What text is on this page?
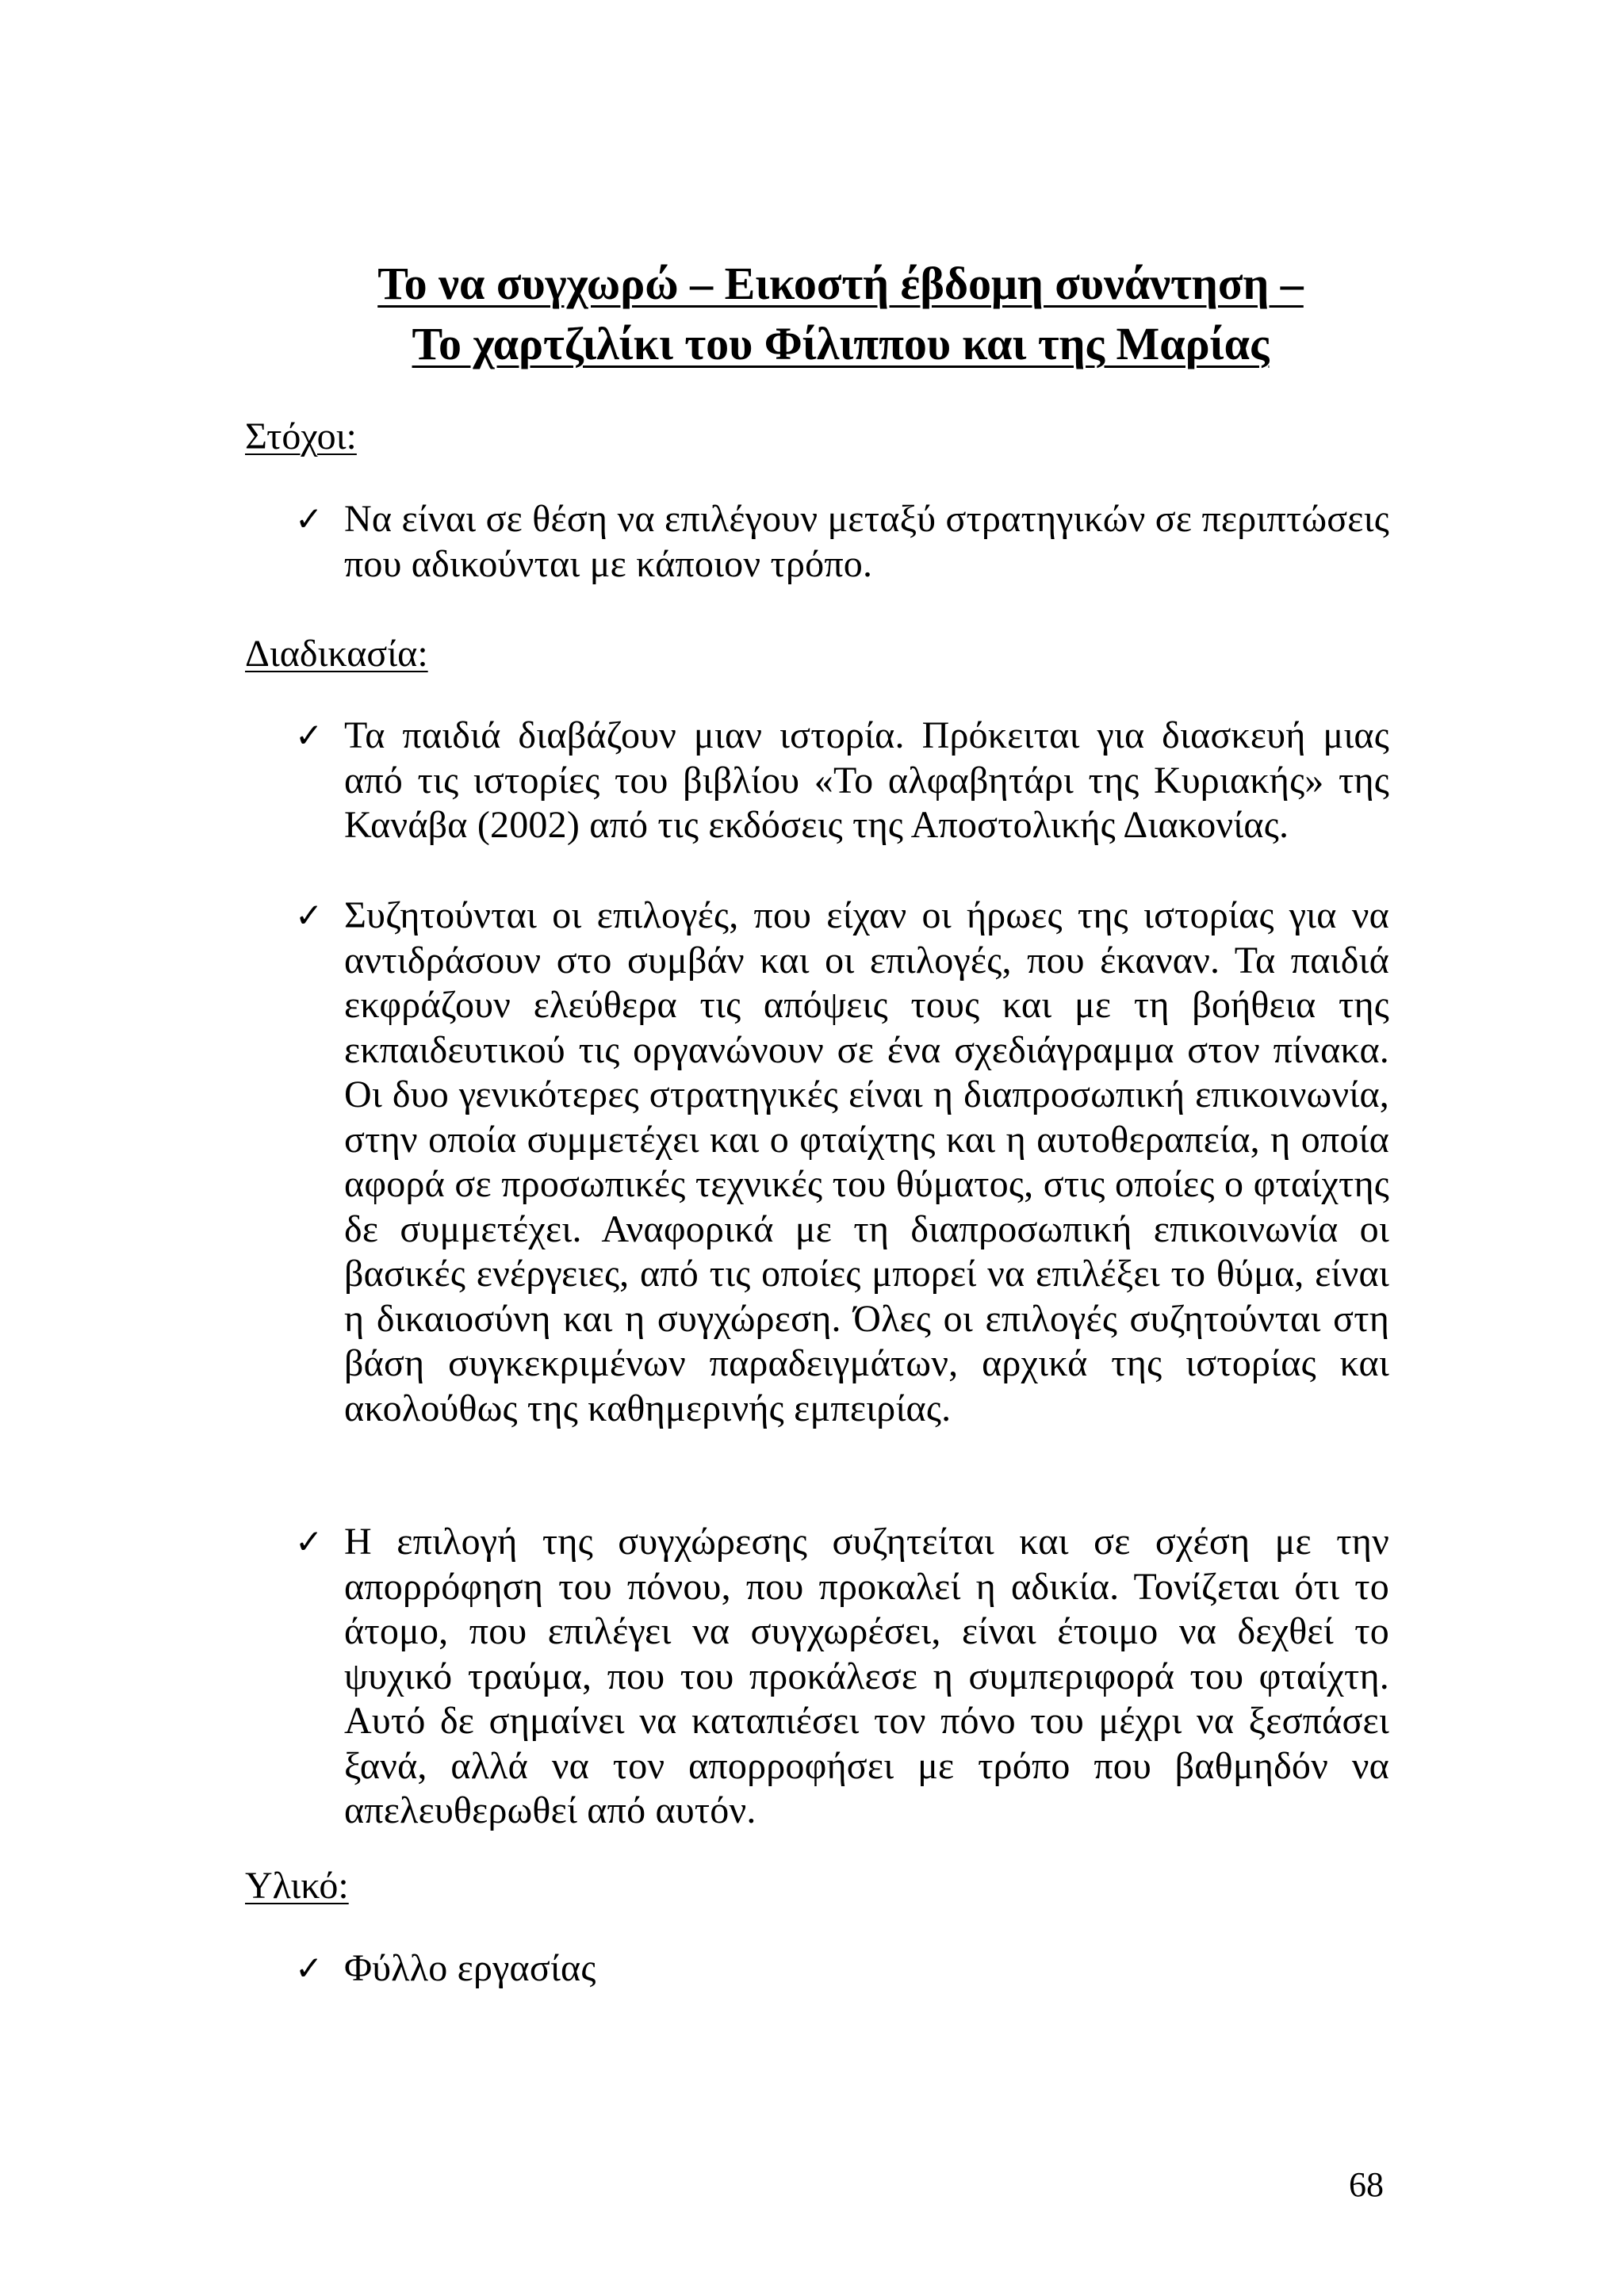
Το να συγχωρώ – Εικοστή έβδομη συνάντηση –
Το χαρτζιλίκι του Φίλιππου και της Μαρίας
Στόχοι:
✓ Να είναι σε θέση να επιλέγουν μεταξύ στρατηγικών σε περιπτώσεις που αδικούνται με κάποιον τρόπο.
Διαδικασία:
✓ Τα παιδιά διαβάζουν μιαν ιστορία. Πρόκειται για διασκευή μιας από τις ιστορίες του βιβλίου «Το αλφαβητάρι της Κυριακής» της Κανάβα (2002) από τις εκδόσεις της Αποστολικής Διακονίας.
✓ Συζητούνται οι επιλογές, που είχαν οι ήρωες της ιστορίας για να αντιδράσουν στο συμβάν και οι επιλογές, που έκαναν. Τα παιδιά εκφράζουν ελεύθερα τις απόψεις τους και με τη βοήθεια της εκπαιδευτικού τις οργανώνουν σε ένα σχεδιάγραμμα στον πίνακα. Οι δυο γενικότερες στρατηγικές είναι η διαπροσωπική επικοινωνία, στην οποία συμμετέχει και ο φταίχτης και η αυτοθεραπεία, η οποία αφορά σε προσωπικές τεχνικές του θύματος, στις οποίες ο φταίχτης δε συμμετέχει. Αναφορικά με τη διαπροσωπική επικοινωνία οι βασικές ενέργειες, από τις οποίες μπορεί να επιλέξει το θύμα, είναι η δικαιοσύνη και η συγχώρεση. Όλες οι επιλογές συζητούνται στη βάση συγκεκριμένων παραδειγμάτων, αρχικά της ιστορίας και ακολούθως της καθημερινής εμπειρίας.
✓ Η επιλογή της συγχώρεσης συζητείται και σε σχέση με την απορρόφηση του πόνου, που προκαλεί η αδικία. Τονίζεται ότι το άτομο, που επιλέγει να συγχωρέσει, είναι έτοιμο να δεχθεί το ψυχικό τραύμα, που του προκάλεσε η συμπεριφορά του φταίχτη. Αυτό δε σημαίνει να καταπιέσει τον πόνο του μέχρι να ξεσπάσει ξανά, αλλά να τον απορροφήσει με τρόπο που βαθμηδόν να απελευθερωθεί από αυτόν.
Υλικό:
✓ Φύλλο εργασίας
68
